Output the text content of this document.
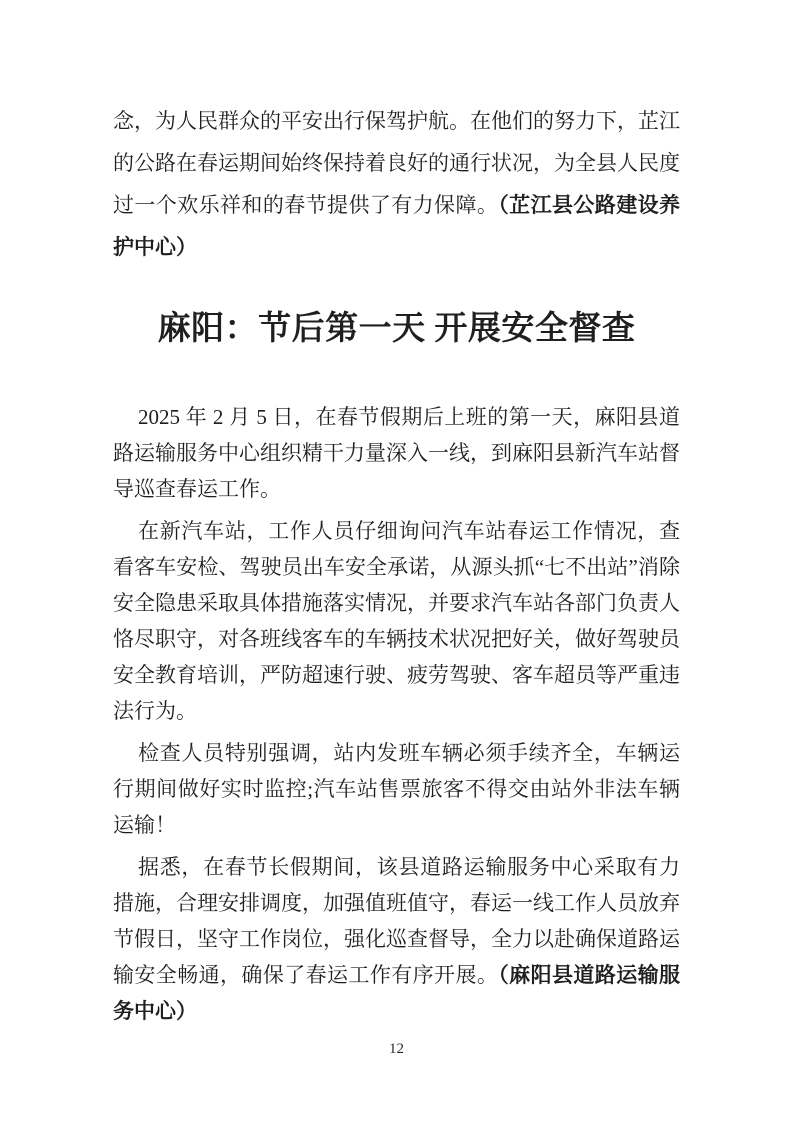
念，为人民群众的平安出行保驾护航。在他们的努力下，芷江的公路在春运期间始终保持着良好的通行状况，为全县人民度过一个欢乐祥和的春节提供了有力保障。（芷江县公路建设养护中心）

麻阳：节后第一天 开展安全督查

2025 年 2 月 5 日，在春节假期后上班的第一天，麻阳县道路运输服务中心组织精干力量深入一线，到麻阳县新汽车站督导巡查春运工作。

在新汽车站，工作人员仔细询问汽车站春运工作情况，查看客车安检、驾驶员出车安全承诺，从源头抓“七不出站”消除安全隐患采取具体措施落实情况，并要求汽车站各部门负责人恪尽职守，对各班线客车的车辆技术状况把好关，做好驾驶员安全教育培训，严防超速行驶、疲劳驾驶、客车超员等严重违法行为。

检查人员特别强调，站内发班车辆必须手续齐全，车辆运行期间做好实时监控;汽车站售票旅客不得交由站外非法车辆运输！

据悉，在春节长假期间，该县道路运输服务中心采取有力措施，合理安排调度，加强值班值守，春运一线工作人员放弃节假日，坚守工作岗位，强化巡查督导，全力以赴确保道路运输安全畅通，确保了春运工作有序开展。（麻阳县道路运输服务中心）

12
